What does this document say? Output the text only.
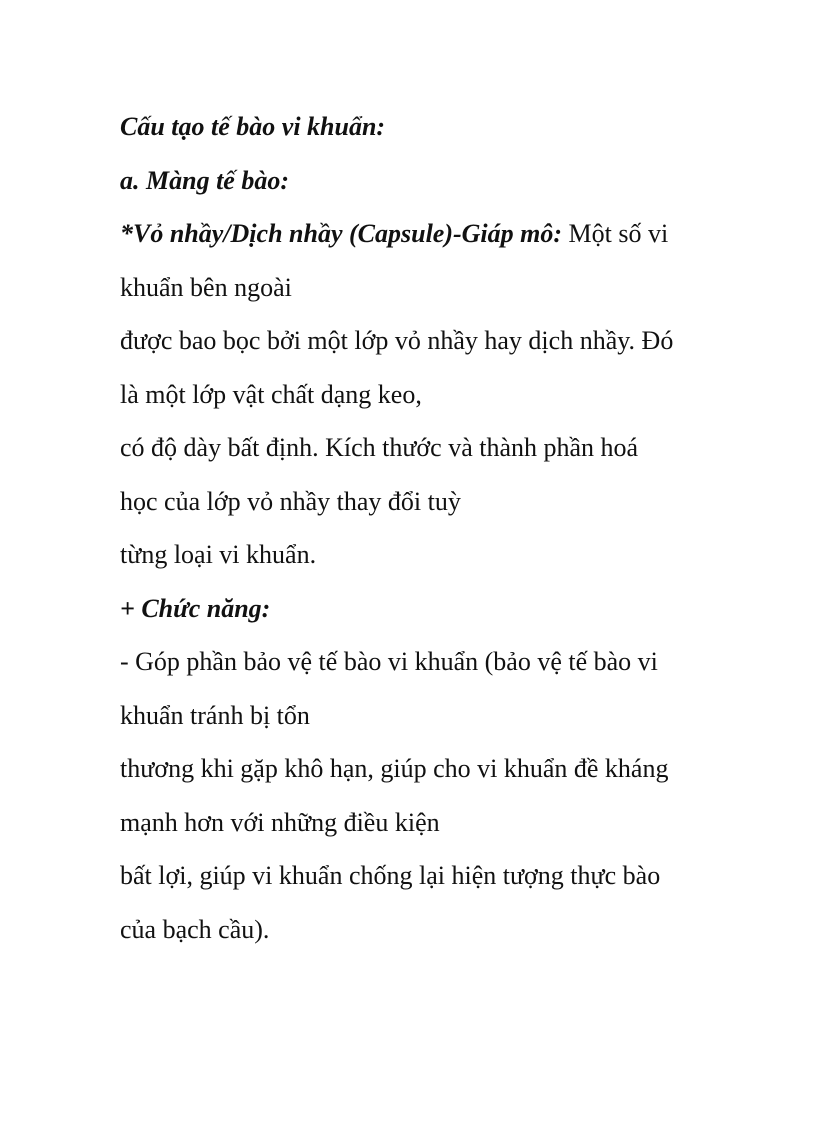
Cấu tạo tế bào vi khuẩn:

a. Màng tế bào:

*Vỏ nhầy/Dịch nhầy (Capsule)-Giáp mô: Một số vi

khuẩn bên ngoài

được bao bọc bởi một lớp vỏ nhầy hay dịch nhầy. Đó

là một lớp vật chất dạng keo,

có độ dày bất định. Kích thước và thành phần hoá

học của lớp vỏ nhầy thay đổi tuỳ

từng loại vi khuẩn.

+ Chức năng:

- Góp phần bảo vệ tế bào vi khuẩn (bảo vệ tế bào vi

khuẩn tránh bị tổn

thương khi gặp khô hạn, giúp cho vi khuẩn đề kháng

mạnh hơn với những điều kiện

bất lợi, giúp vi khuẩn chống lại hiện tượng thực bào

của bạch cầu).
